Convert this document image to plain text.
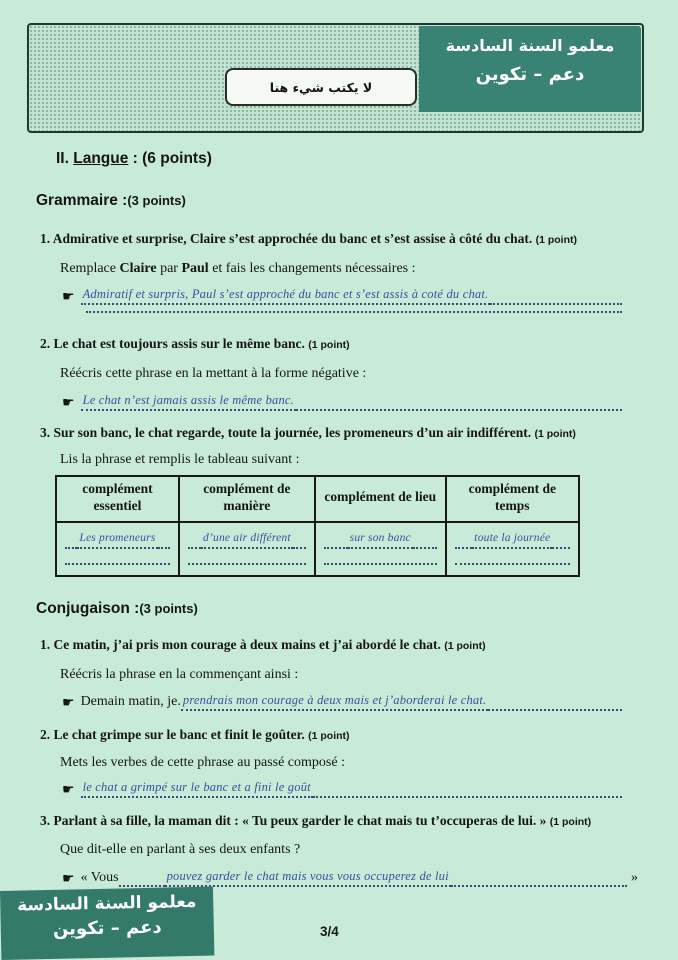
معلمو السنة السادسة
دعم – تكوين
لا يكتب شيء هنا
II. Langue : (6 points)
Grammaire :(3 points)
1. Admirative et surprise, Claire s’est approchée du banc et s’est assise à côté du chat. (1 point)
Remplace Claire par Paul et fais les changements nécessaires :
☛ Admiratif et surpris, Paul s’est approché du banc et s’est assis à coté du chat.
2. Le chat est toujours assis sur le même banc. (1 point)
Réécris cette phrase en la mettant à la forme négative :
☛ Le chat n’est jamais assis le même banc.
3. Sur son banc, le chat regarde, toute la journée, les promeneurs d’un air indifférent. (1 point)
Lis la phrase et remplis le tableau suivant :
complément essentiel	complément de manière	complément de lieu	complément de temps

Les promeneurs	d’une air différent	sur son banc	toute la journée
Conjugaison :(3 points)
1. Ce matin, j’ai pris mon courage à deux mains et j’ai abordé le chat. (1 point)
Réécris la phrase en la commençant ainsi :
☛ Demain matin, je. prendrais mon courage à deux mais et j’aborderai le chat.
2. Le chat grimpe sur le banc et finit le goûter. (1 point)
Mets les verbes de cette phrase au passé composé :
☛ le chat a grimpé sur le banc et a fini le goût
3. Parlant à sa fille, la maman dit : « Tu peux garder le chat mais tu t’occuperas de lui. » (1 point)
Que dit-elle en parlant à ses deux enfants ?
☛ « Vous	pouvez garder le chat mais vous vous occuperez de lui	»
معلمو السنة السادسة
دعم – تكوين	3/4
